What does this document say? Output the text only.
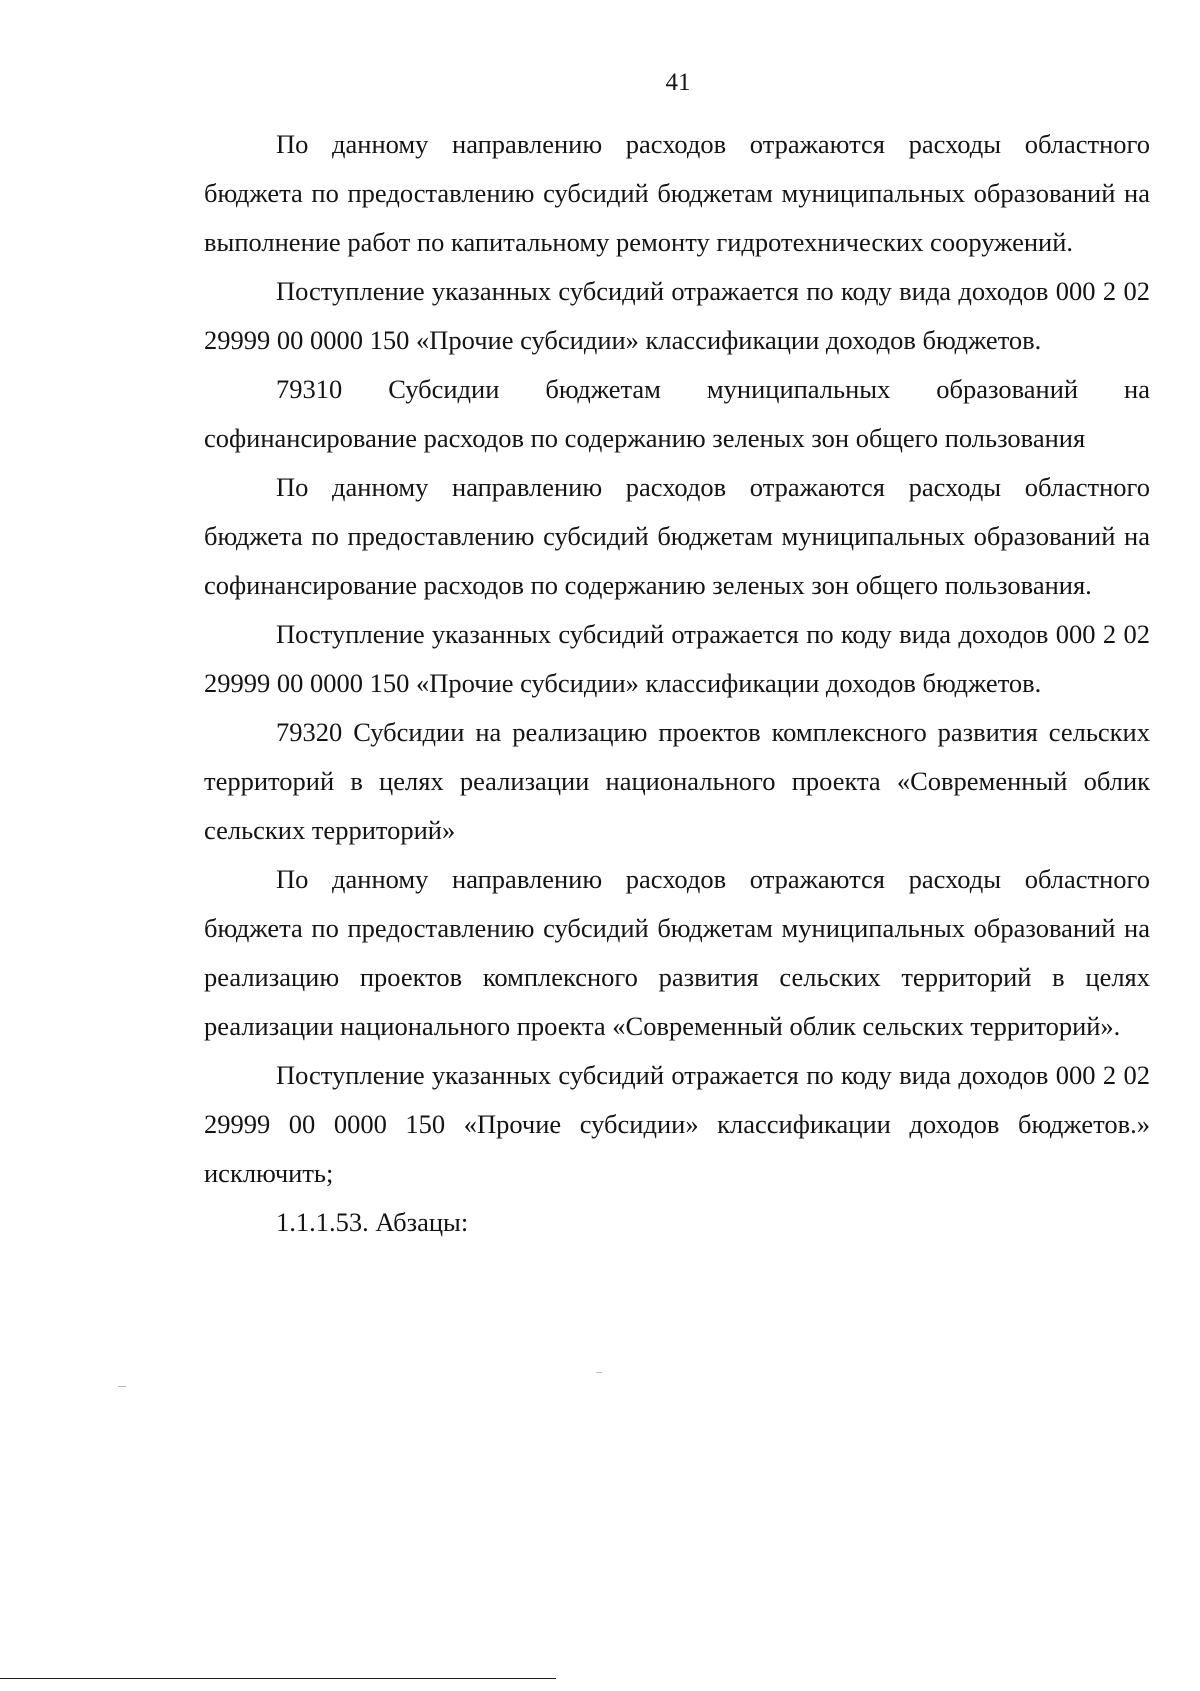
41

По данному направлению расходов отражаются расходы областного бюджета по предоставлению субсидий бюджетам муниципальных образований на выполнение работ по капитальному ремонту гидротехнических сооружений.

Поступление указанных субсидий отражается по коду вида доходов 000 2 02 29999 00 0000 150 «Прочие субсидии» классификации доходов бюджетов.

79310 Субсидии бюджетам муниципальных образований на софинансирование расходов по содержанию зеленых зон общего пользования

По данному направлению расходов отражаются расходы областного бюджета по предоставлению субсидий бюджетам муниципальных образований на софинансирование расходов по содержанию зеленых зон общего пользования.

Поступление указанных субсидий отражается по коду вида доходов 000 2 02 29999 00 0000 150 «Прочие субсидии» классификации доходов бюджетов.

79320 Субсидии на реализацию проектов комплексного развития сельских территорий в целях реализации национального проекта «Современный облик сельских территорий»

По данному направлению расходов отражаются расходы областного бюджета по предоставлению субсидий бюджетам муниципальных образований на реализацию проектов комплексного развития сельских территорий в целях реализации национального проекта «Современный облик сельских территорий».

Поступление указанных субсидий отражается по коду вида доходов 000 2 02 29999 00 0000 150 «Прочие субсидии» классификации доходов бюджетов.» исключить;

1.1.1.53. Абзацы:
